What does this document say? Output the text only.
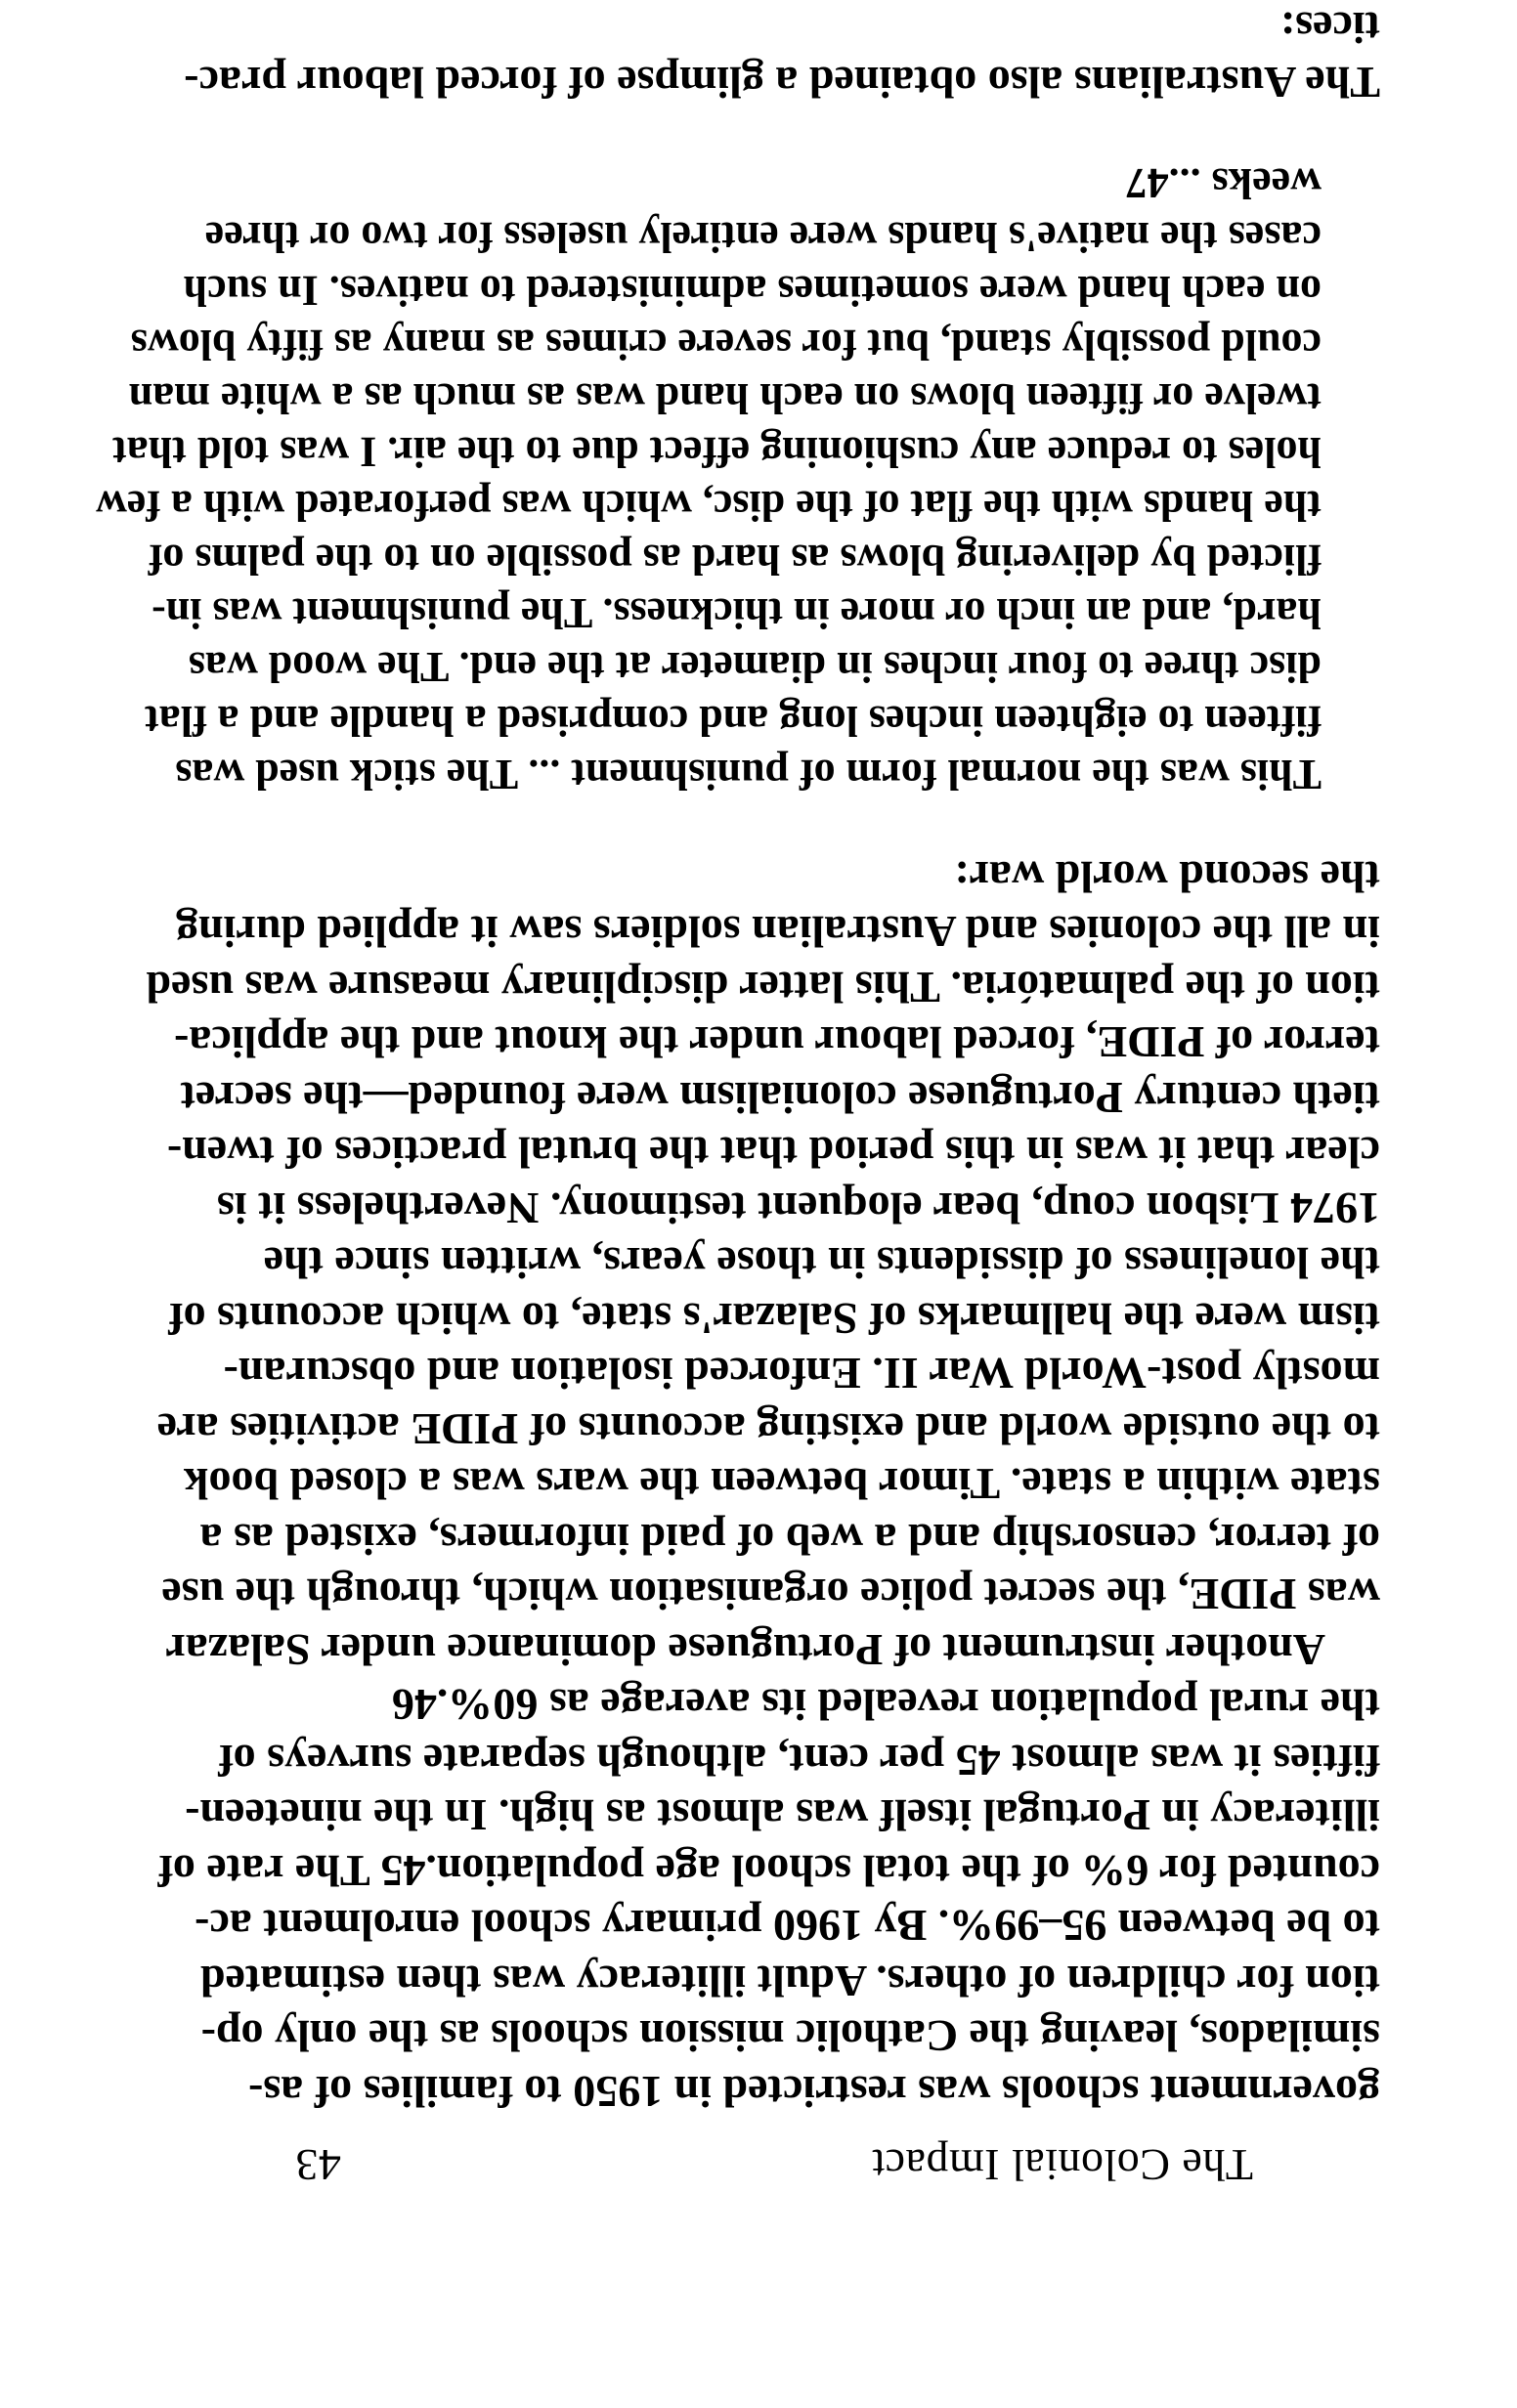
The Colonial Impact
43
government schools was restricted in 1950 to families of as-
similados, leaving the Catholic mission schools as the only op-
tion for children of others. Adult illiteracy was then estimated
to be between 95–99%. By 1960 primary school enrolment ac-
counted for 6% of the total school age population.45 The rate of
illiteracy in Portugal itself was almost as high. In the nineteen-
fifties it was almost 45 per cent, although separate surveys of
the rural population revealed its average as 60%.46
Another instrument of Portuguese dominance under Salazar
was PIDE, the secret police organisation which, through the use
of terror, censorship and a web of paid informers, existed as a
state within a state. Timor between the wars was a closed book
to the outside world and existing accounts of PIDE activities are
mostly post-World War II. Enforced isolation and obscuran-
tism were the hallmarks of Salazar's state, to which accounts of
the loneliness of dissidents in those years, written since the
1974 Lisbon coup, bear eloquent testimony. Nevertheless it is
clear that it was in this period that the brutal practices of twen-
tieth century Portuguese colonialism were founded—the secret
terror of PIDE, forced labour under the knout and the applica-
tion of the palmatória. This latter disciplinary measure was used
in all the colonies and Australian soldiers saw it applied during
the second world war:
This was the normal form of punishment ... The stick used was
fifteen to eighteen inches long and comprised a handle and a flat
disc three to four inches in diameter at the end. The wood was
hard, and an inch or more in thickness. The punishment was in-
flicted by delivering blows as hard as possible on to the palms of
the hands with the flat of the disc, which was perforated with a few
holes to reduce any cushioning effect due to the air. I was told that
twelve or fifteen blows on each hand was as much as a white man
could possibly stand, but for severe crimes as many as fifty blows
on each hand were sometimes administered to natives. In such
cases the native's hands were entirely useless for two or three
weeks ...47
The Australians also obtained a glimpse of forced labour prac-
tices:
